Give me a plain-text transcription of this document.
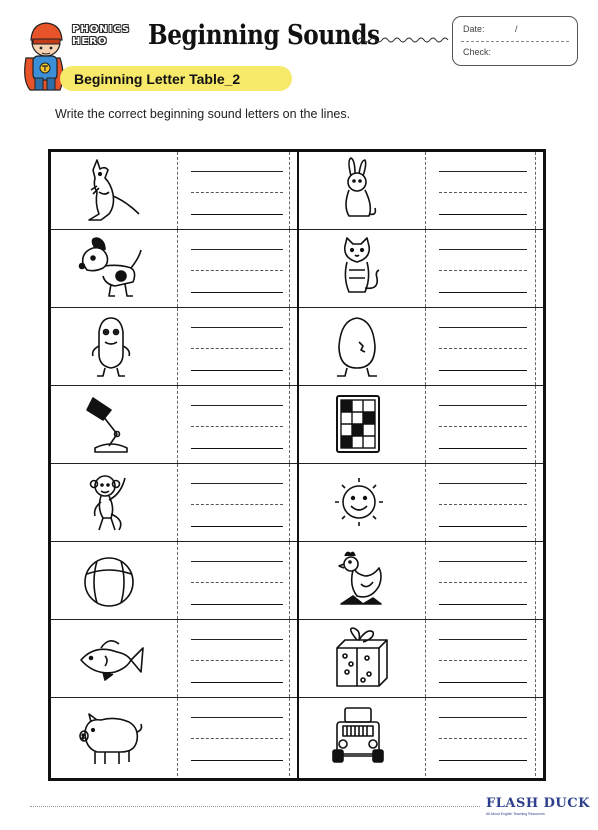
PHONICS
HERO Beginning Sounds	Date:	/
Check:
Beginning Letter Table_2
Write the correct beginning sound letters on the lines.
FLASH DUCK
All About English Teaching Resources
